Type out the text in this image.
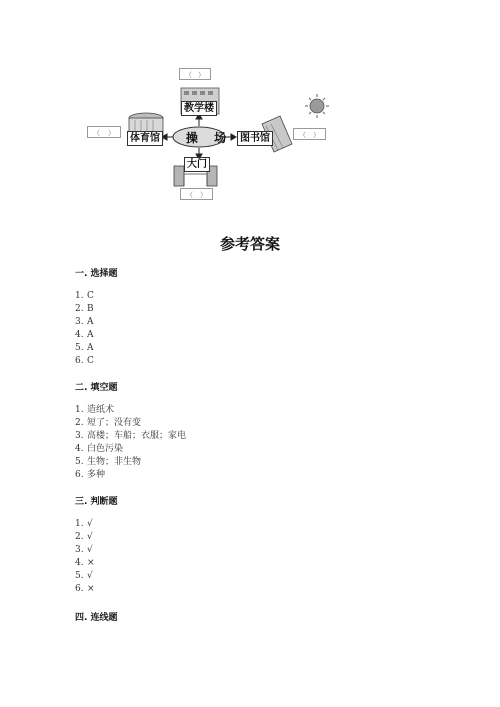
（ ）
（ ）	（ ）
（ ）
教学楼
体育馆	图书馆
大门
操 场
参考答案
一. 选择题
1. C
2. B
3. A
4. A
5. A
6. C
二. 填空题
1. 造纸术
2. 短了；没有变
3. 高楼；车船；衣服；家电
4. 白色污染
5. 生物；非生物
6. 多种
三. 判断题
1. √
2. √
3. √
4. ×
5. √
6. ×
四. 连线题
